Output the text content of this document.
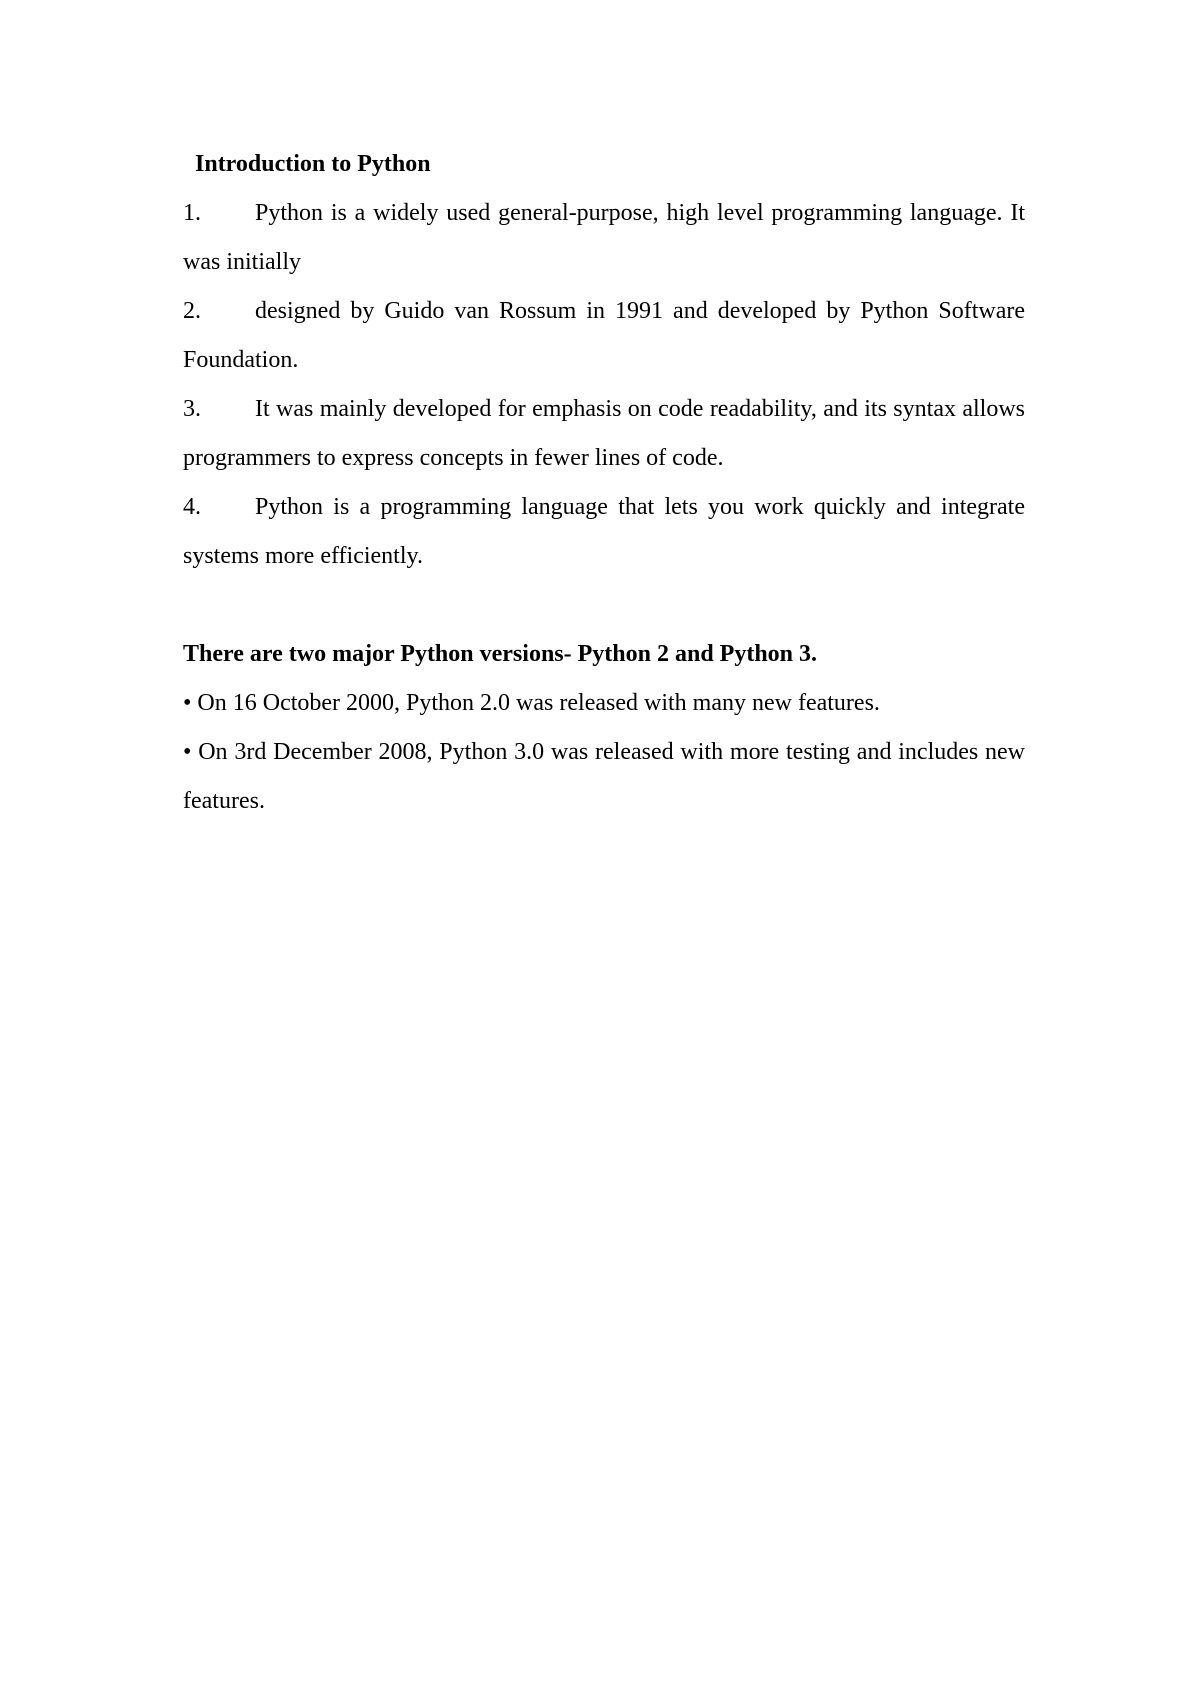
Introduction to Python
1. Python is a widely used general-purpose, high level programming language. It was initially
2. designed by Guido van Rossum in 1991 and developed by Python Software Foundation.
3. It was mainly developed for emphasis on code readability, and its syntax allows programmers to express concepts in fewer lines of code.
4. Python is a programming language that lets you work quickly and integrate systems more efficiently.
There are two major Python versions- Python 2 and Python 3.
• On 16 October 2000, Python 2.0 was released with many new features.
• On 3rd December 2008, Python 3.0 was released with more testing and includes new features.
